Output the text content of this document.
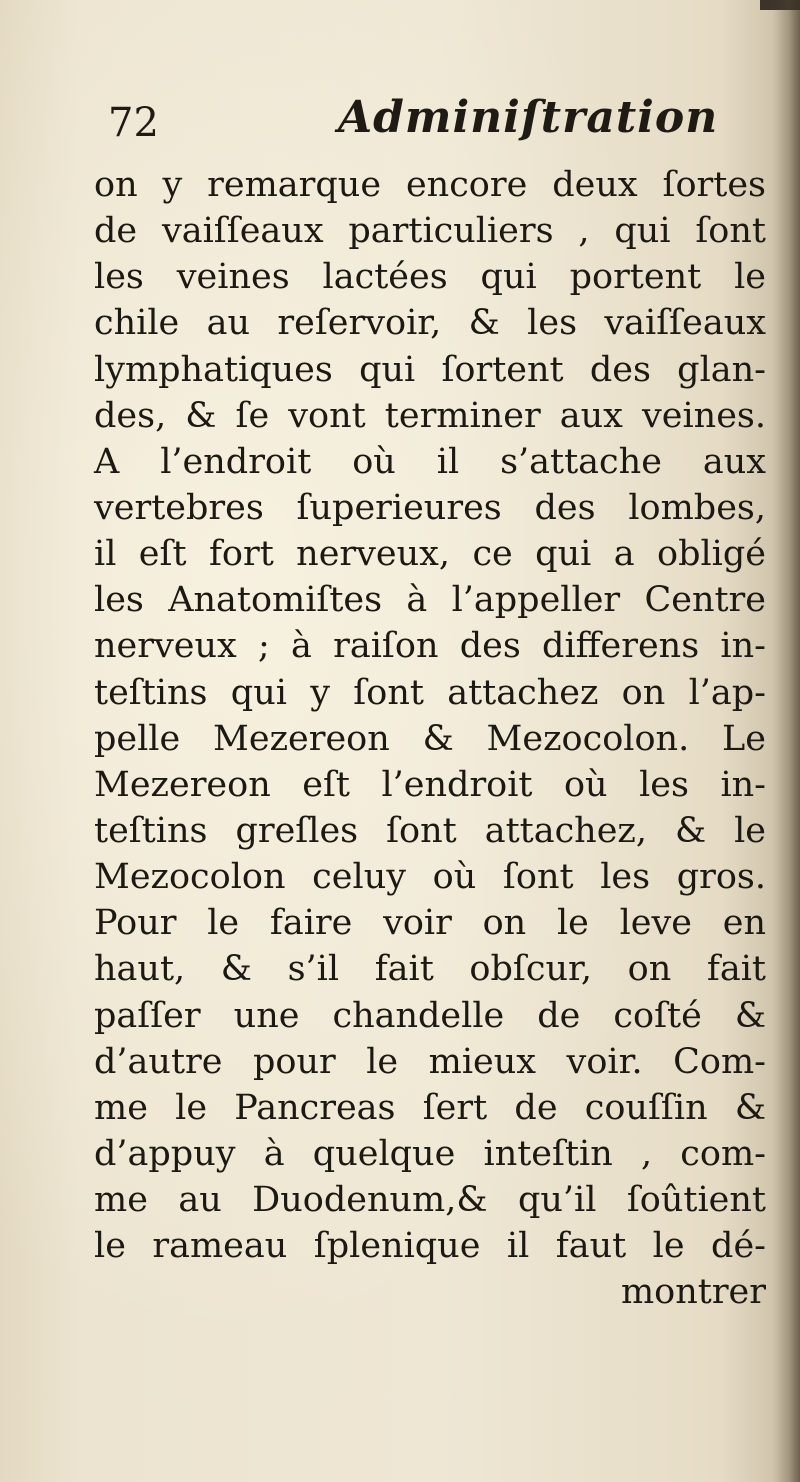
72	Adminiſtration
on y remarque encore deux ſortes
de vaiſſeaux particuliers , qui ſont
les veines lactées qui portent le
chile au reſervoir, & les vaiſſeaux
lymphatiques qui ſortent des glan-
des, & ſe vont terminer aux veines.
A l’endroit où il s’attache aux
vertebres ſuperieures des lombes,
il eſt fort nerveux, ce qui a obligé
les Anatomiſtes à l’appeller Centre
nerveux ; à raiſon des differens in-
teſtins qui y ſont attachez on l’ap-
pelle Mezereon & Mezocolon. Le
Mezereon eſt l’endroit où les in-
teſtins greſles ſont attachez, & le
Mezocolon celuy où ſont les gros.
Pour le faire voir on le leve en
haut, & s’il fait obſcur, on fait
paſſer une chandelle de coſté &
d’autre pour le mieux voir. Com-
me le Pancreas ſert de couſſin &
d’appuy à quelque inteſtin , com-
me au Duodenum,& qu’il ſoûtient
le rameau ſplenique il faut le dé-
montrer
